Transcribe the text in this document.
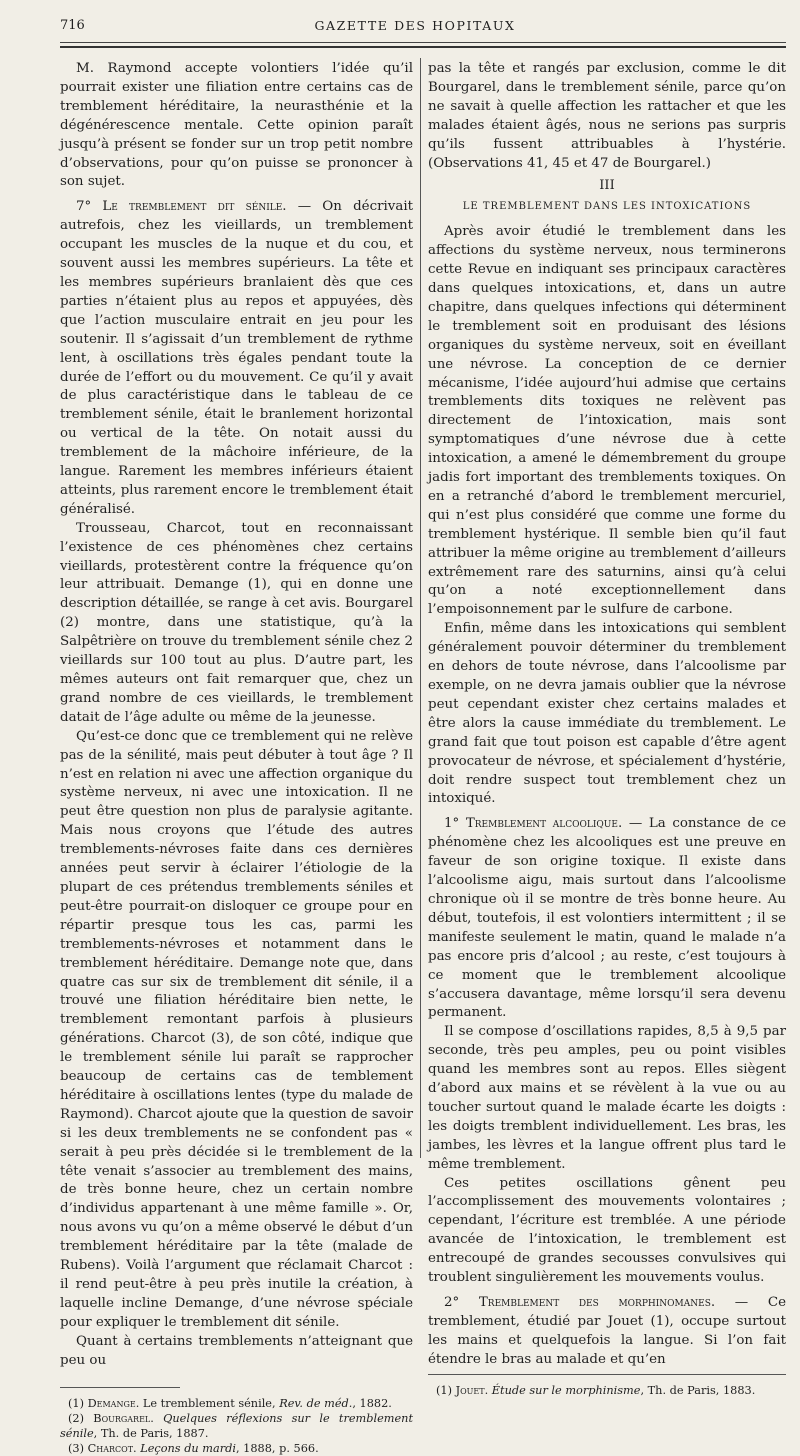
716	GAZETTE DES HOPITAUX

M. Raymond accepte volontiers l’idée qu’il pourrait exister une filiation entre certains cas de tremblement héréditaire, la neurasthénie et la dégénérescence mentale. Cette opinion paraît jusqu’à présent se fonder sur un trop petit nombre d’observations, pour qu’on puisse se prononcer à son sujet.

7° Le tremblement dit sénile. — On décrivait autrefois, chez les vieillards, un tremblement occupant les muscles de la nuque et du cou, et souvent aussi les membres supérieurs. La tête et les membres supérieurs branlaient dès que ces parties n’étaient plus au repos et appuyées, dès que l’action musculaire entrait en jeu pour les soutenir. Il s’agissait d’un tremblement de rythme lent, à oscillations très égales pendant toute la durée de l’effort ou du mouvement. Ce qu’il y avait de plus caractéristique dans le tableau de ce tremblement sénile, était le branlement horizontal ou vertical de la tête. On notait aussi du tremblement de la mâchoire inférieure, de la langue. Rarement les membres inférieurs étaient atteints, plus rarement encore le tremblement était généralisé.

Trousseau, Charcot, tout en reconnaissant l’existence de ces phénomènes chez certains vieillards, protestèrent contre la fréquence qu’on leur attribuait. Demange (1), qui en donne une description détaillée, se range à cet avis. Bourgarel (2) montre, dans une statistique, qu’à la Salpêtrière on trouve du tremblement sénile chez 2 vieillards sur 100 tout au plus. D’autre part, les mêmes auteurs ont fait remarquer que, chez un grand nombre de ces vieillards, le tremblement datait de l’âge adulte ou même de la jeunesse.

Qu’est-ce donc que ce tremblement qui ne relève pas de la sénilité, mais peut débuter à tout âge ? Il n’est en relation ni avec une affection organique du système nerveux, ni avec une intoxication. Il ne peut être question non plus de paralysie agitante. Mais nous croyons que l’étude des autres tremblements-névroses faite dans ces dernières années peut servir à éclairer l’étiologie de la plupart de ces prétendus tremblements séniles et peut-être pourrait-on disloquer ce groupe pour en répartir presque tous les cas, parmi les tremblements-névroses et notamment dans le tremblement héréditaire. Demange note que, dans quatre cas sur six de tremblement dit sénile, il a trouvé une filiation héréditaire bien nette, le tremblement remontant parfois à plusieurs générations. Charcot (3), de son côté, indique que le tremblement sénile lui paraît se rapprocher beaucoup de certains cas de temblement héréditaire à oscillations lentes (type du malade de Raymond). Charcot ajoute que la question de savoir si les deux tremblements ne se confondent pas « serait à peu près décidée si le tremblement de la tête venait s’associer au tremblement des mains, de très bonne heure, chez un certain nombre d’individus appartenant à une même famille ». Or, nous avons vu qu’on a même observé le début d’un tremblement héréditaire par la tête (malade de Rubens). Voilà l’argument que réclamait Charcot : il rend peut-être à peu près inutile la création, à laquelle incline Demange, d’une névrose spéciale pour expliquer le tremblement dit sénile.

Quant à certains tremblements n’atteignant que peu ou

(1) Demange. Le tremblement sénile, Rev. de méd., 1882.
(2) Bourgarel. Quelques réflexions sur le tremblement sénile, Th. de Paris, 1887.
(3) Charcot. Leçons du mardi, 1888, p. 566.

pas la tête et rangés par exclusion, comme le dit Bourgarel, dans le tremblement sénile, parce qu’on ne savait à quelle affection les rattacher et que les malades étaient âgés, nous ne serions pas surpris qu’ils fussent attribuables à l’hystérie. (Observations 41, 45 et 47 de Bourgarel.)

III
LE TREMBLEMENT DANS LES INTOXICATIONS

Après avoir étudié le tremblement dans les affections du système nerveux, nous terminerons cette Revue en indiquant ses principaux caractères dans quelques intoxications, et, dans un autre chapitre, dans quelques infections qui déterminent le tremblement soit en produisant des lésions organiques du système nerveux, soit en éveillant une névrose. La conception de ce dernier mécanisme, l’idée aujourd’hui admise que certains tremblements dits toxiques ne relèvent pas directement de l’intoxication, mais sont symptomatiques d’une névrose due à cette intoxication, a amené le démembrement du groupe jadis fort important des tremblements toxiques. On en a retranché d’abord le tremblement mercuriel, qui n’est plus considéré que comme une forme du tremblement hystérique. Il semble bien qu’il faut attribuer la même origine au tremblement d’ailleurs extrêmement rare des saturnins, ainsi qu’à celui qu’on a noté exceptionnellement dans l’empoisonnement par le sulfure de carbone.

Enfin, même dans les intoxications qui semblent généralement pouvoir déterminer du tremblement en dehors de toute névrose, dans l’alcoolisme par exemple, on ne devra jamais oublier que la névrose peut cependant exister chez certains malades et être alors la cause immédiate du tremblement. Le grand fait que tout poison est capable d’être agent provocateur de névrose, et spécialement d’hystérie, doit rendre suspect tout tremblement chez un intoxiqué.

1° Tremblement alcoolique. — La constance de ce phénomène chez les alcooliques est une preuve en faveur de son origine toxique. Il existe dans l’alcoolisme aigu, mais surtout dans l’alcoolisme chronique où il se montre de très bonne heure. Au début, toutefois, il est volontiers intermittent ; il se manifeste seulement le matin, quand le malade n’a pas encore pris d’alcool ; au reste, c’est toujours à ce moment que le tremblement alcoolique s’accusera davantage, même lorsqu’il sera devenu permanent.

Il se compose d’oscillations rapides, 8,5 à 9,5 par seconde, très peu amples, peu ou point visibles quand les membres sont au repos. Elles siègent d’abord aux mains et se révèlent à la vue ou au toucher surtout quand le malade écarte les doigts : les doigts tremblent individuellement. Les bras, les jambes, les lèvres et la langue offrent plus tard le même tremblement.

Ces petites oscillations gênent peu l’accomplissement des mouvements volontaires ; cependant, l’écriture est tremblée. A une période avancée de l’intoxication, le tremblement est entrecoupé de grandes secousses convulsives qui troublent singulièrement les mouvements voulus.

2° Tremblement des morphinomanes. — Ce tremblement, étudié par Jouet (1), occupe surtout les mains et quelquefois la langue. Si l’on fait étendre le bras au malade et qu’en

(1) Jouet. Étude sur le morphinisme, Th. de Paris, 1883.
